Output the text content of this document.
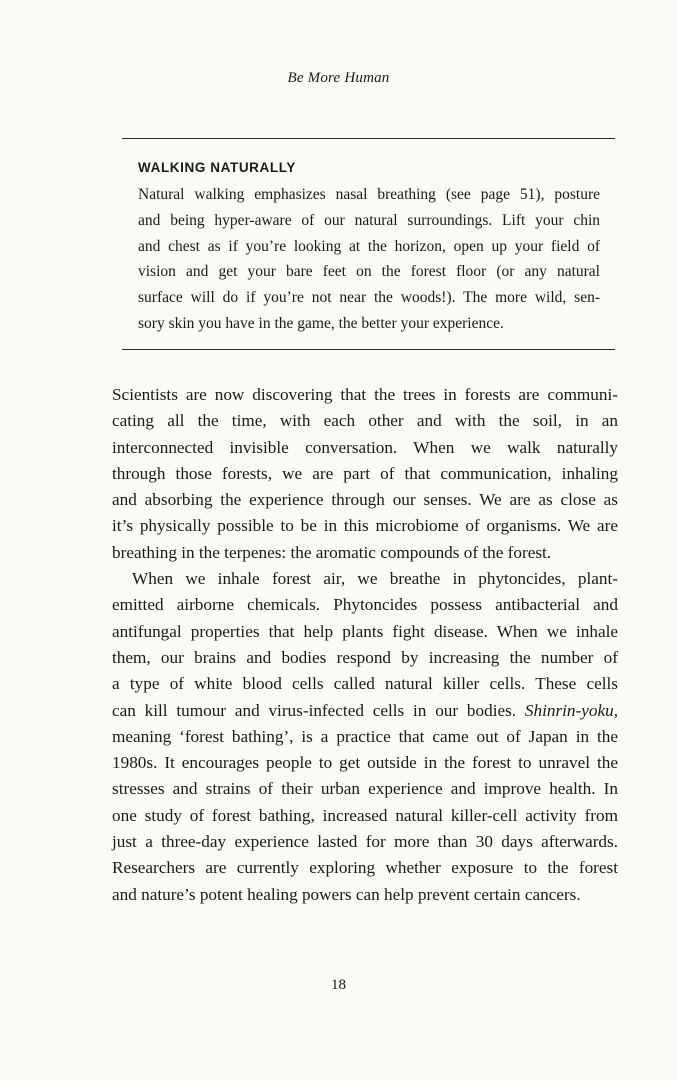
Be More Human
WALKING NATURALLY
Natural walking emphasizes nasal breathing (see page 51), posture
and being hyper-aware of our natural surroundings. Lift your chin
and chest as if you’re looking at the horizon, open up your field of
vision and get your bare feet on the forest floor (or any natural
surface will do if you’re not near the woods!). The more wild, sen-
sory skin you have in the game, the better your experience.
Scientists are now discovering that the trees in forests are communi-
cating all the time, with each other and with the soil, in an
interconnected invisible conversation. When we walk naturally
through those forests, we are part of that communication, inhaling
and absorbing the experience through our senses. We are as close as
it’s physically possible to be in this microbiome of organisms. We are
breathing in the terpenes: the aromatic compounds of the forest.
When we inhale forest air, we breathe in phytoncides, plant-
emitted airborne chemicals. Phytoncides possess antibacterial and
antifungal properties that help plants fight disease. When we inhale
them, our brains and bodies respond by increasing the number of
a type of white blood cells called natural killer cells. These cells
can kill tumour and virus-infected cells in our bodies. Shinrin-yoku,
meaning ‘forest bathing’, is a practice that came out of Japan in the
1980s. It encourages people to get outside in the forest to unravel the
stresses and strains of their urban experience and improve health. In
one study of forest bathing, increased natural killer-cell activity from
just a three-day experience lasted for more than 30 days afterwards.
Researchers are currently exploring whether exposure to the forest
and nature’s potent healing powers can help prevent certain cancers.
18
